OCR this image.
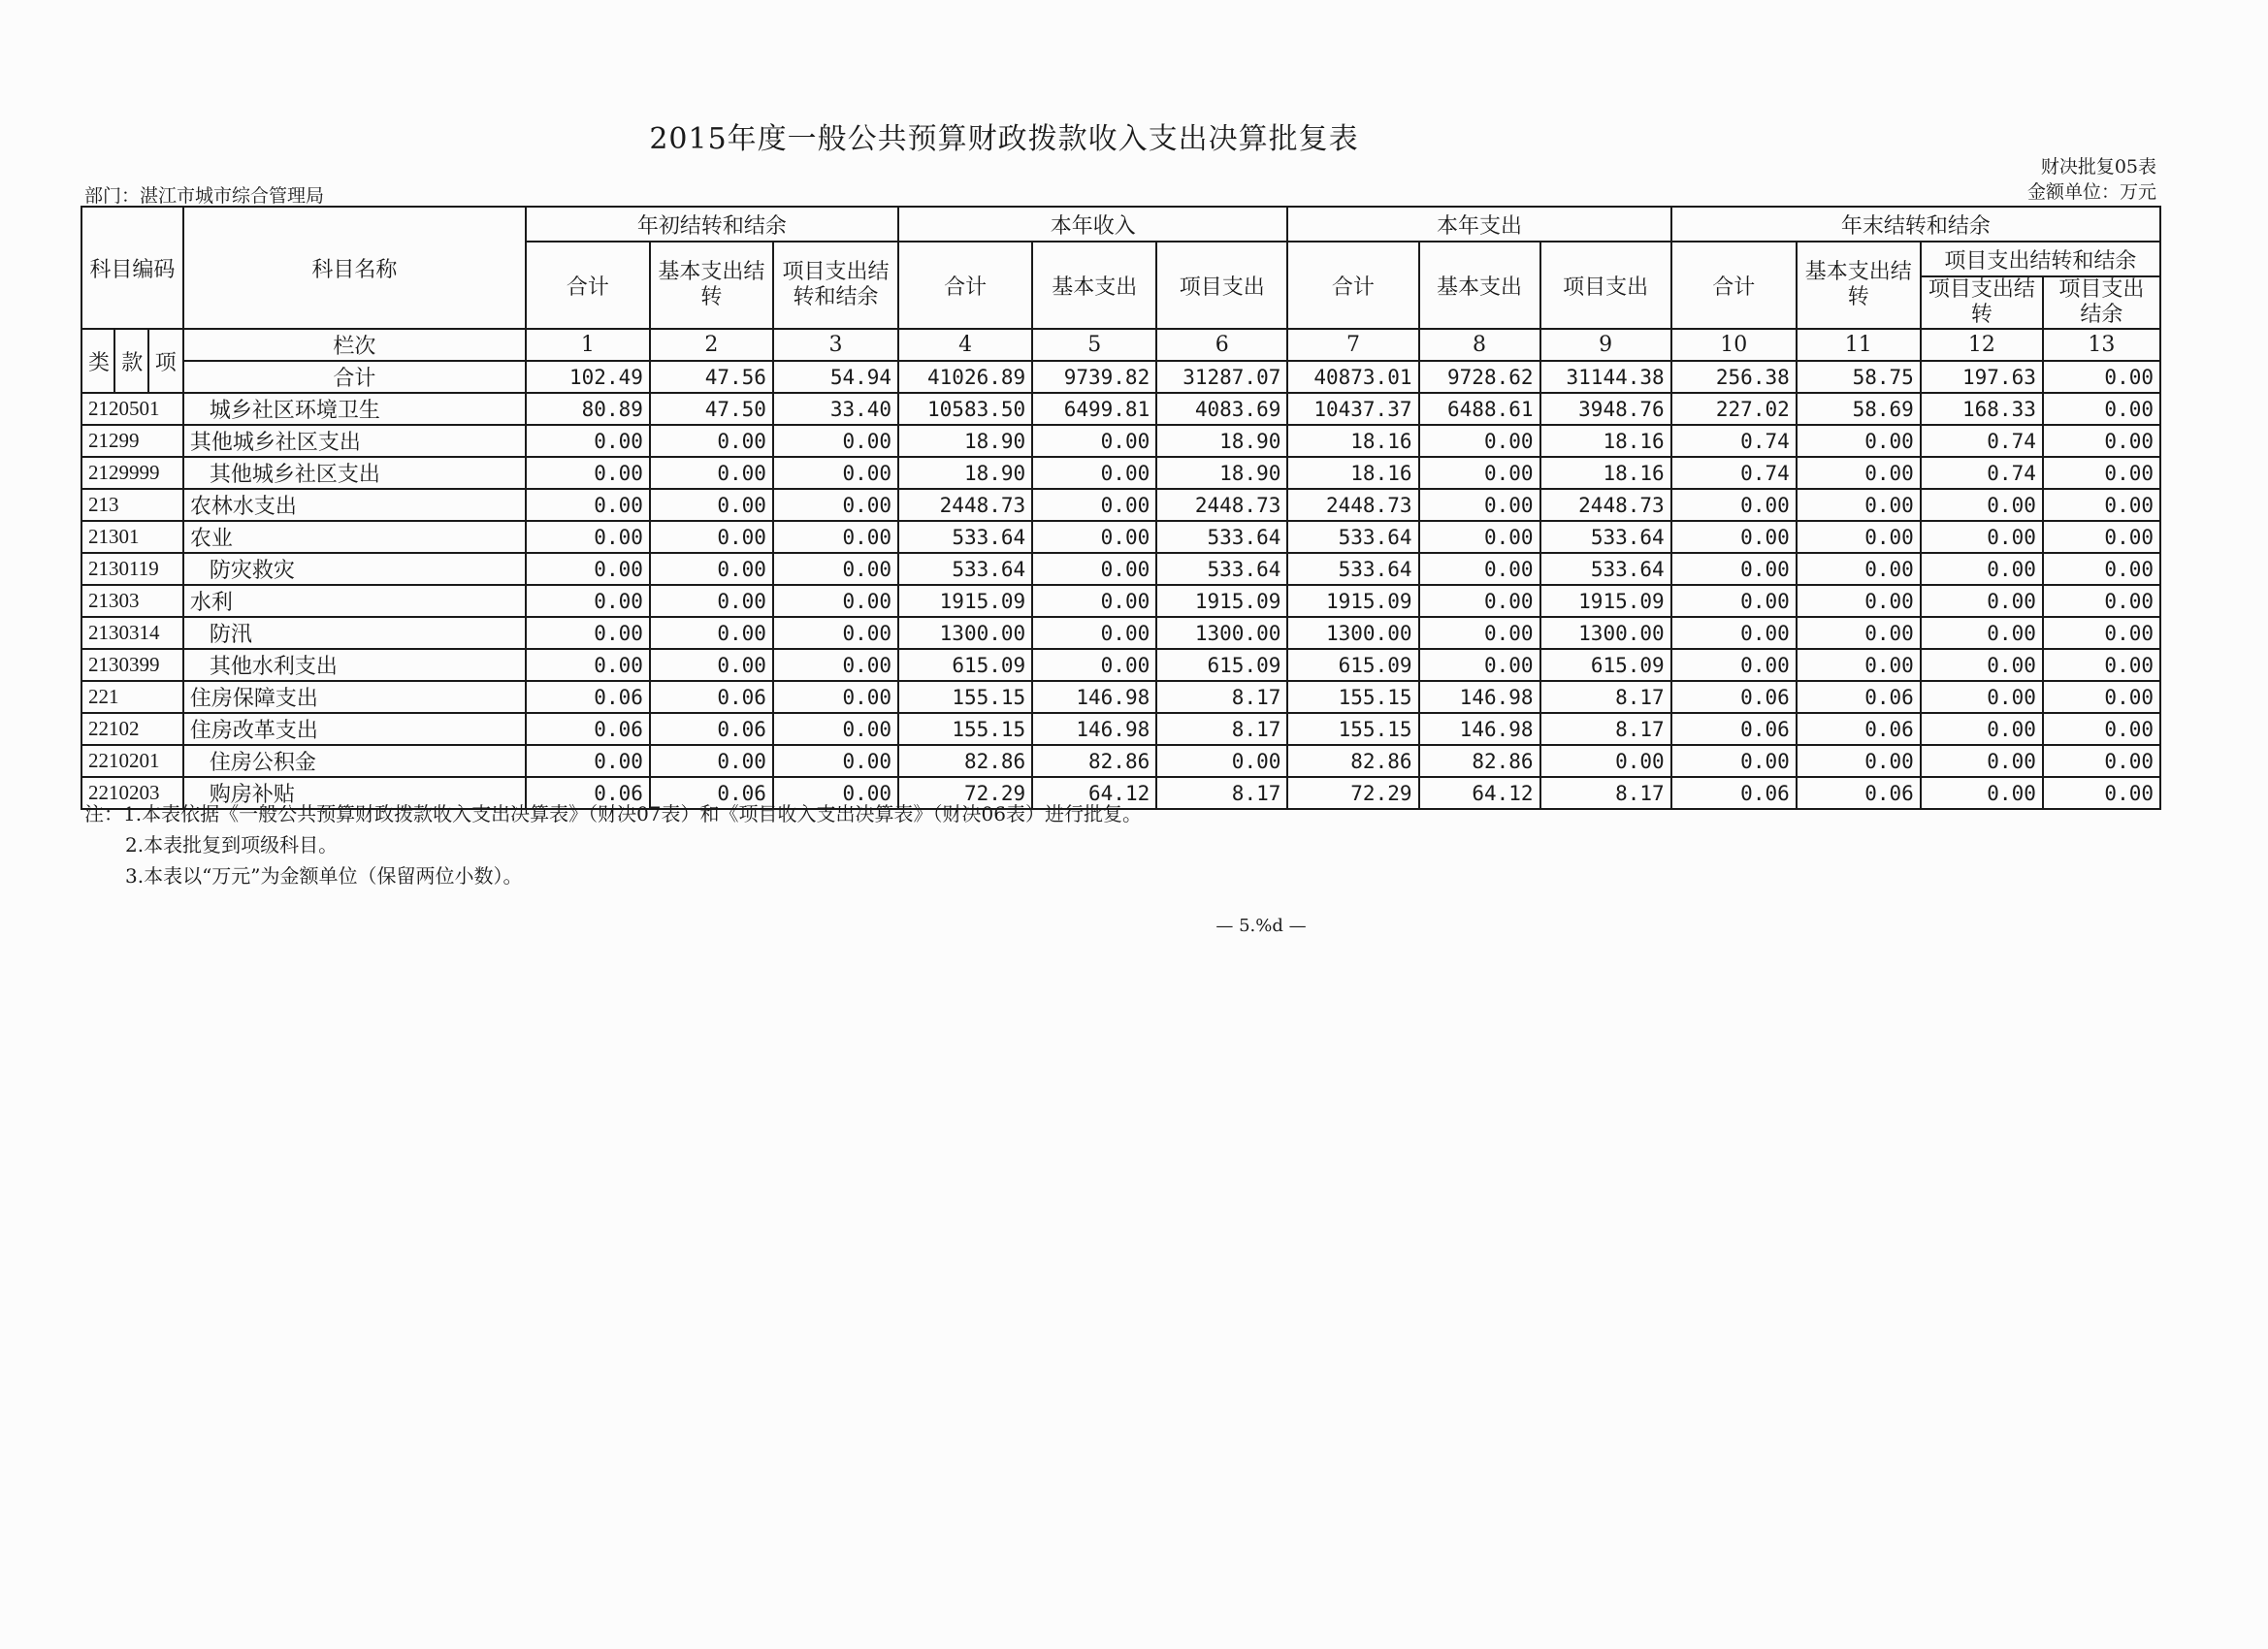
2015年度一般公共预算财政拨款收入支出决算批复表
财决批复05表
部门：湛江市城市综合管理局	金额单位：万元
科目编码			科目名称	年初结转和结余			本年收入			本年支出			年末结转和结余			
				合计	基本支出结转	项目支出结转和结余	合计	基本支出	项目支出	合计	基本支出	项目支出	合计	基本支出结转	项目支出结转和结余	
															项目支出结转	项目支出结余
类	款	项	栏次	1	2	3	4	5	6	7	8	9	10	11	12	13
			合计	102.49	47.56	54.94	41026.89	9739.82	31287.07	40873.01	9728.62	31144.38	256.38	58.75	197.63	0.00
2120501			城乡社区环境卫生	80.89	47.50	33.40	10583.50	6499.81	4083.69	10437.37	6488.61	3948.76	227.02	58.69	168.33	0.00
21299			其他城乡社区支出	0.00	0.00	0.00	18.90	0.00	18.90	18.16	0.00	18.16	0.74	0.00	0.74	0.00
2129999			其他城乡社区支出	0.00	0.00	0.00	18.90	0.00	18.90	18.16	0.00	18.16	0.74	0.00	0.74	0.00
213			农林水支出	0.00	0.00	0.00	2448.73	0.00	2448.73	2448.73	0.00	2448.73	0.00	0.00	0.00	0.00
21301			农业	0.00	0.00	0.00	533.64	0.00	533.64	533.64	0.00	533.64	0.00	0.00	0.00	0.00
2130119			防灾救灾	0.00	0.00	0.00	533.64	0.00	533.64	533.64	0.00	533.64	0.00	0.00	0.00	0.00
21303			水利	0.00	0.00	0.00	1915.09	0.00	1915.09	1915.09	0.00	1915.09	0.00	0.00	0.00	0.00
2130314			防汛	0.00	0.00	0.00	1300.00	0.00	1300.00	1300.00	0.00	1300.00	0.00	0.00	0.00	0.00
2130399			其他水利支出	0.00	0.00	0.00	615.09	0.00	615.09	615.09	0.00	615.09	0.00	0.00	0.00	0.00
221			住房保障支出	0.06	0.06	0.00	155.15	146.98	8.17	155.15	146.98	8.17	0.06	0.06	0.00	0.00
22102			住房改革支出	0.06	0.06	0.00	155.15	146.98	8.17	155.15	146.98	8.17	0.06	0.06	0.00	0.00
2210201			住房公积金	0.00	0.00	0.00	82.86	82.86	0.00	82.86	82.86	0.00	0.00	0.00	0.00	0.00
2210203			购房补贴	0.06	0.06	0.00	72.29	64.12	8.17	72.29	64.12	8.17	0.06	0.06	0.00	0.00
注：1.本表依据《一般公共预算财政拨款收入支出决算表》（财决07表）和《项目收入支出决算表》（财决06表）进行批复。
2.本表批复到项级科目。
3.本表以“万元”为金额单位（保留两位小数）。
— 5.%d —
